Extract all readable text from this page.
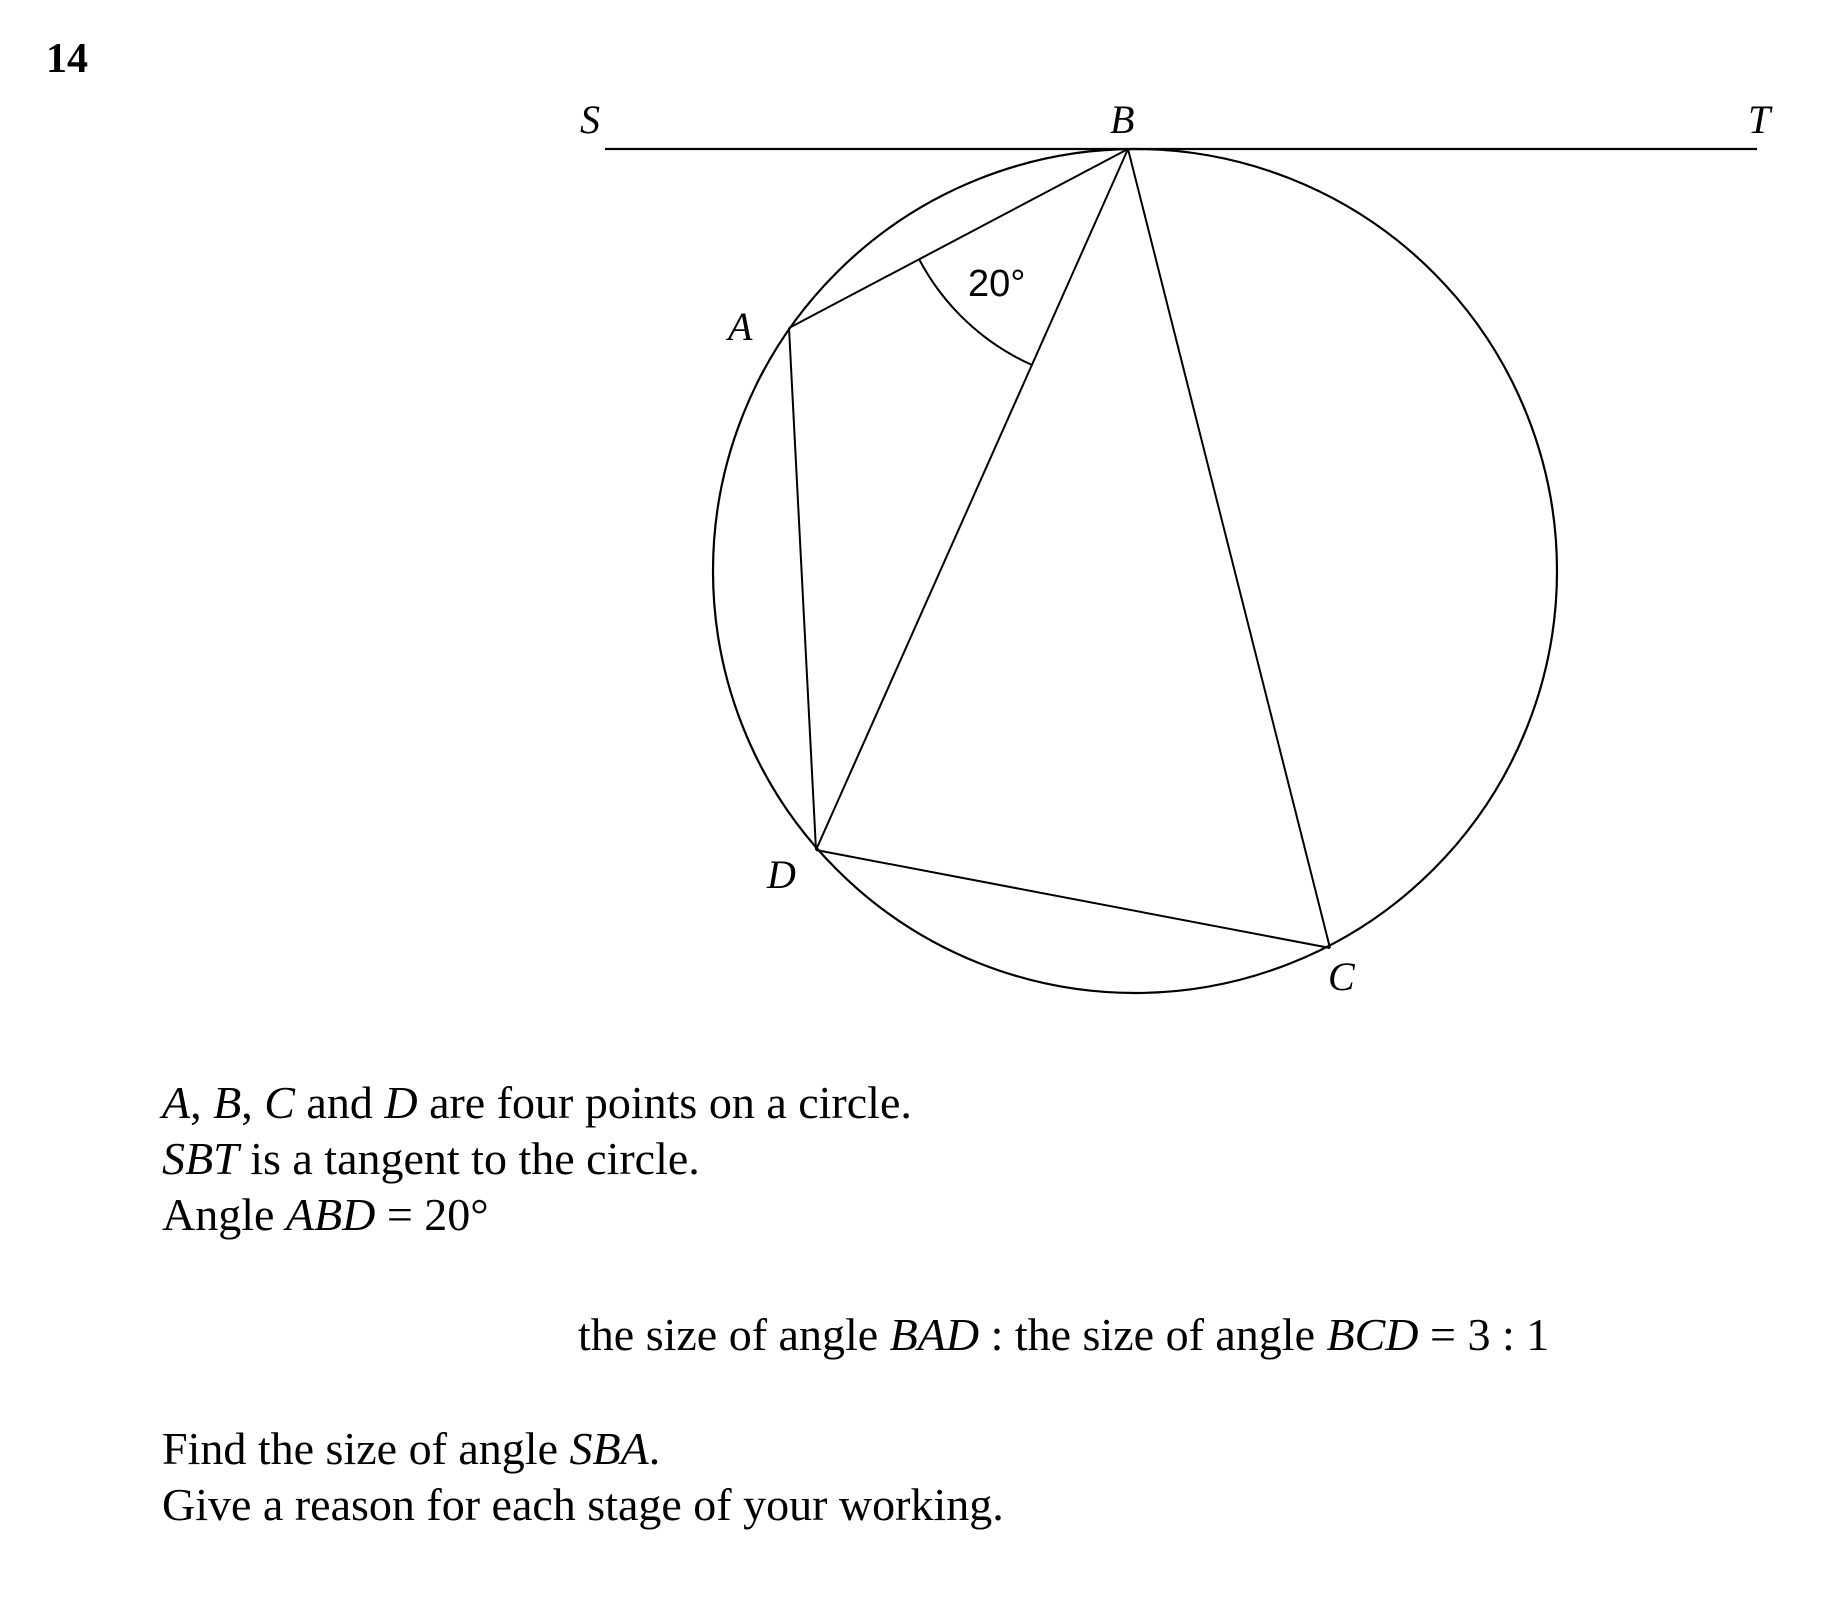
14
S	B	T
A
D
C
20°
A, B, C and D are four points on a circle.
SBT is a tangent to the circle.
Angle ABD = 20°
the size of angle BAD : the size of angle BCD = 3 : 1
Find the size of angle SBA.
Give a reason for each stage of your working.
